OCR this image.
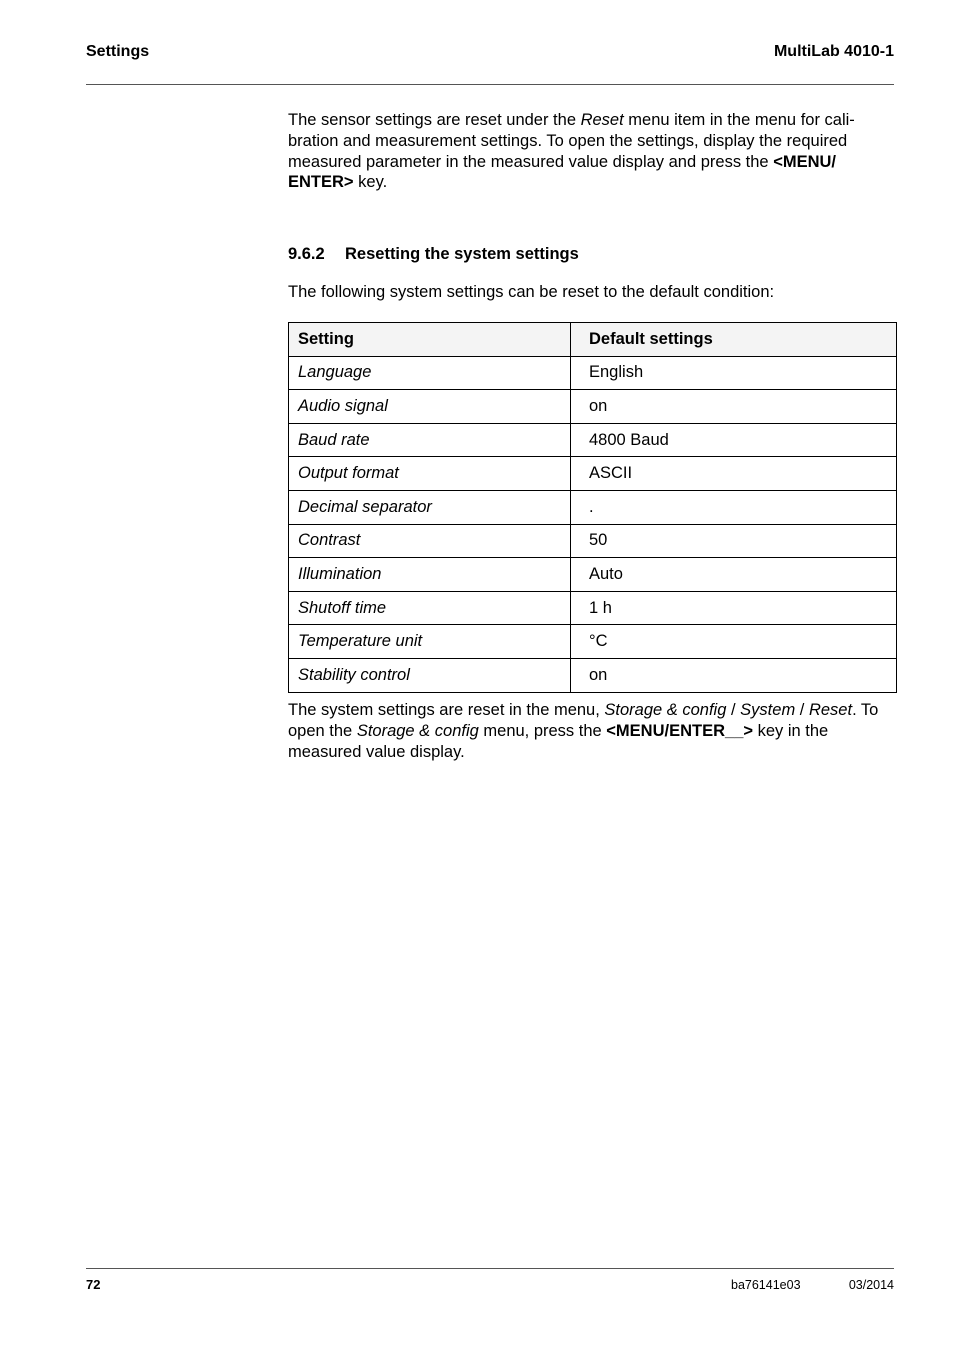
Settings	MultiLab 4010-1

The sensor settings are reset under the Reset menu item in the menu for cali-bration and measurement settings. To open the settings, display the required measured parameter in the measured value display and press the <MENU/ ENTER> key.

9.6.2 Resetting the system settings

The following system settings can be reset to the default condition:

Setting	Default settings
Language	English
Audio signal	on
Baud rate	4800 Baud
Output format	ASCII
Decimal separator	.
Contrast	50
Illumination	Auto
Shutoff time	1 h
Temperature unit	°C
Stability control	on

The system settings are reset in the menu, Storage & config / System / Reset. To open the Storage & config menu, press the <MENU/ENTER__> key in the measured value display.

72	ba76141e03	03/2014
